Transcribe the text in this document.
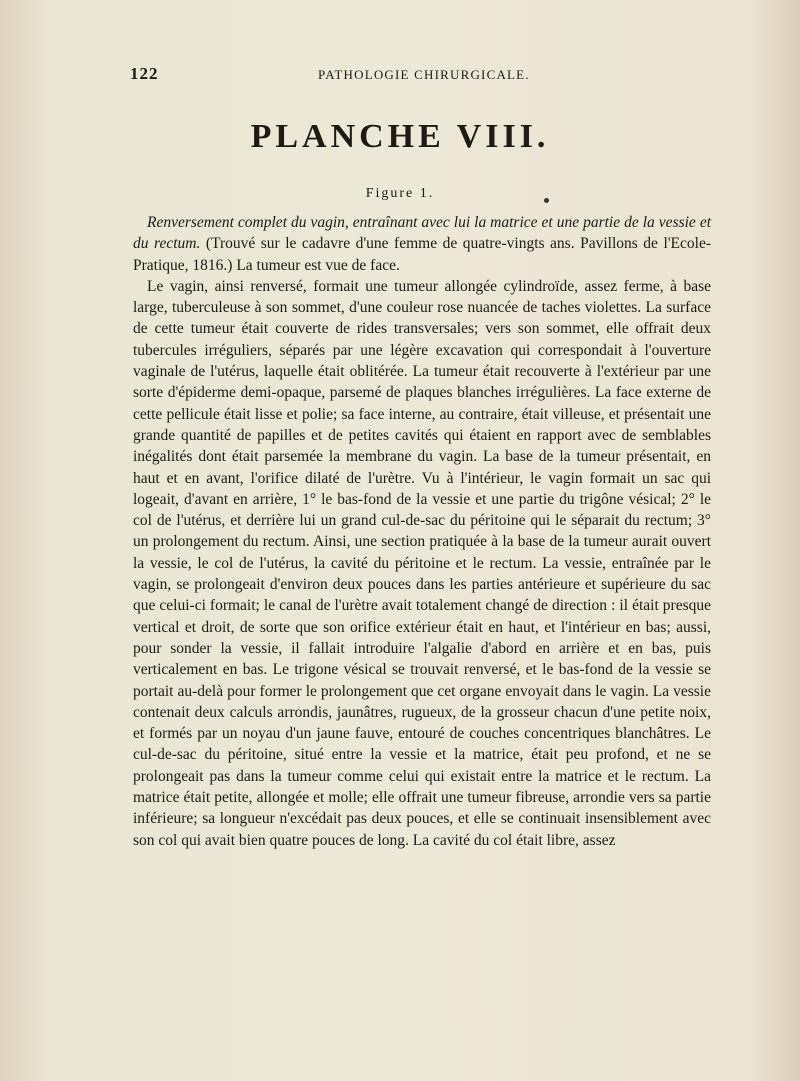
122	PATHOLOGIE CHIRURGICALE.
PLANCHE VIII.
Figure 1.

Renversement complet du vagin, entraînant avec lui la matrice et une partie de la vessie et du rectum. (Trouvé sur le cadavre d'une femme de quatre-vingts ans. Pavillons de l'Ecole-Pratique, 1816.) La tumeur est vue de face.

Le vagin, ainsi renversé, formait une tumeur allongée cylindroïde, assez ferme, à base large, tuberculeuse à son sommet, d'une couleur rose nuancée de taches violettes. La surface de cette tumeur était couverte de rides transversales; vers son sommet, elle offrait deux tubercules irréguliers, séparés par une légère excavation qui correspondait à l'ouverture vaginale de l'utérus, laquelle était oblitérée. La tumeur était recouverte à l'extérieur par une sorte d'épiderme demi-opaque, parsemé de plaques blanches irrégulières. La face externe de cette pellicule était lisse et polie; sa face interne, au contraire, était villeuse, et présentait une grande quantité de papilles et de petites cavités qui étaient en rapport avec de semblables inégalités dont était parsemée la membrane du vagin. La base de la tumeur présentait, en haut et en avant, l'orifice dilaté de l'urètre. Vu à l'intérieur, le vagin formait un sac qui logeait, d'avant en arrière, 1° le bas-fond de la vessie et une partie du trigône vésical; 2° le col de l'utérus, et derrière lui un grand cul-de-sac du péritoine qui le séparait du rectum; 3° un prolongement du rectum. Ainsi, une section pratiquée à la base de la tumeur aurait ouvert la vessie, le col de l'utérus, la cavité du péritoine et le rectum. La vessie, entraînée par le vagin, se prolongeait d'environ deux pouces dans les parties antérieure et supérieure du sac que celui-ci formait; le canal de l'urètre avait totalement changé de direction : il était presque vertical et droit, de sorte que son orifice extérieur était en haut, et l'intérieur en bas; aussi, pour sonder la vessie, il fallait introduire l'algalie d'abord en arrière et en bas, puis verticalement en bas. Le trigone vésical se trouvait renversé, et le bas-fond de la vessie se portait au-delà pour former le prolongement que cet organe envoyait dans le vagin. La vessie contenait deux calculs arrondis, jaunâtres, rugueux, de la grosseur chacun d'une petite noix, et formés par un noyau d'un jaune fauve, entouré de couches concentriques blanchâtres. Le cul-de-sac du péritoine, situé entre la vessie et la matrice, était peu profond, et ne se prolongeait pas dans la tumeur comme celui qui existait entre la matrice et le rectum. La matrice était petite, allongée et molle; elle offrait une tumeur fibreuse, arrondie vers sa partie inférieure; sa longueur n'excédait pas deux pouces, et elle se continuait insensiblement avec son col qui avait bien quatre pouces de long. La cavité du col était libre, assez
